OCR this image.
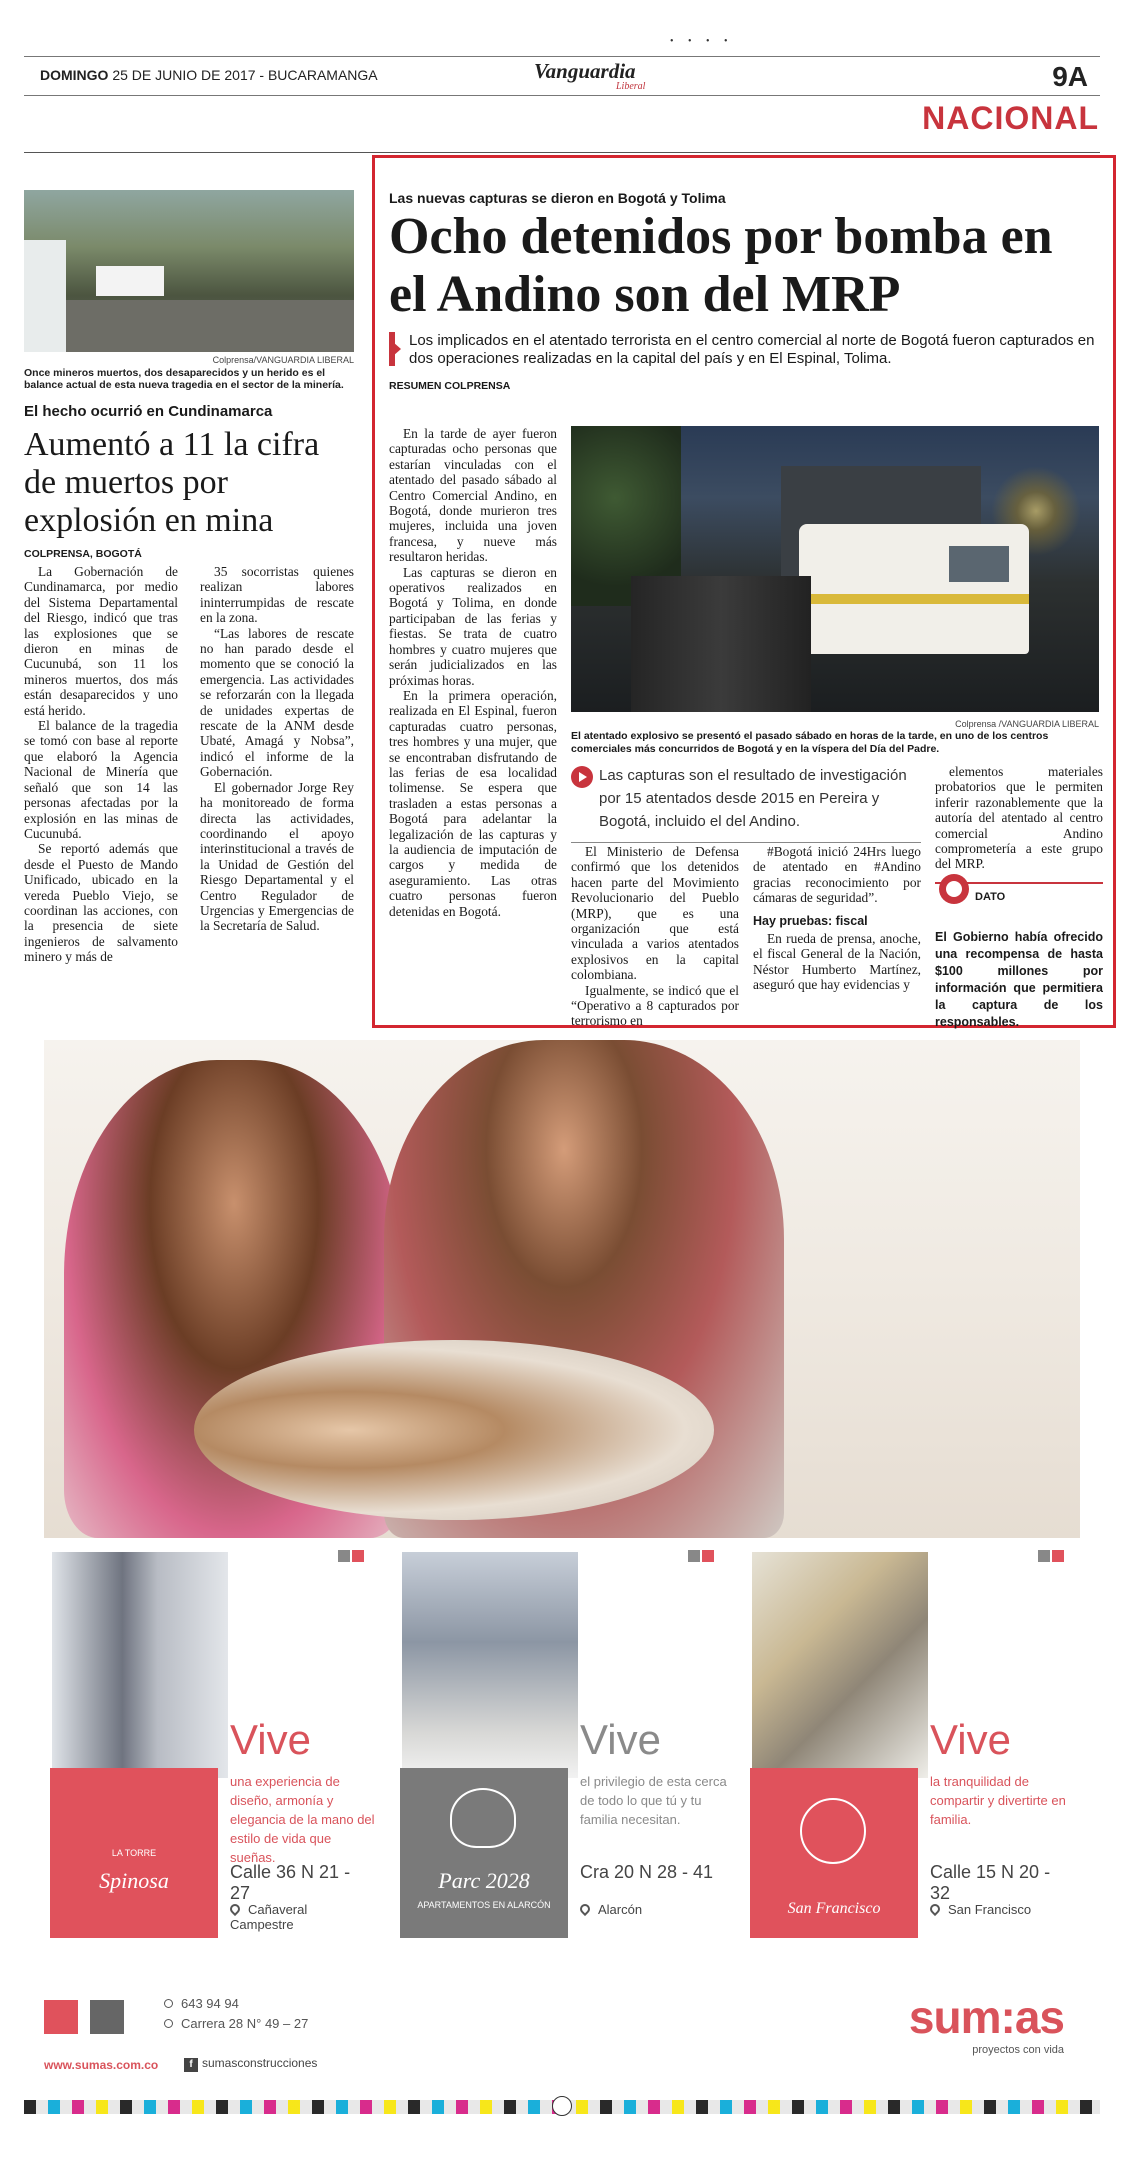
• • • •
DOMINGO 25 DE JUNIO DE 2017 - BUCARAMANGA	Vanguardia
Liberal	9A
NACIONAL
Colprensa/VANGUARDIA LIBERAL
Once mineros muertos, dos desaparecidos y un herido es el balance actual de esta nueva tragedia en el sector de la minería.
El hecho ocurrió en Cundinamarca
Aumentó a 11 la cifra de muertos por explosión en mina
COLPRENSA, BOGOTÁ

La Gobernación de Cundinamarca, por medio del Sistema Departamental del Riesgo, indicó que tras las explosiones que se dieron en minas de Cucunubá, son 11 los mineros muertos, dos más están desaparecidos y uno está herido.

El balance de la tragedia se tomó con base al reporte que elaboró la Agencia Nacional de Minería que señaló que son 14 las personas afectadas por la explosión en las minas de Cucunubá.

Se reportó además que desde el Puesto de Mando Unificado, ubicado en la vereda Pueblo Viejo, se coordinan las acciones, con la presencia de siete ingenieros de salvamento minero y más de

35 socorristas quienes realizan labores ininterrumpidas de rescate en la zona.

“Las labores de rescate no han parado desde el momento que se conoció la emergencia. Las actividades se reforzarán con la llegada de unidades expertas de rescate de la ANM desde Ubaté, Amagá y Nobsa”, indicó el informe de la Gobernación.

El gobernador Jorge Rey ha monitoreado de forma directa las actividades, coordinando el apoyo interinstitucional a través de la Unidad de Gestión del Riesgo Departamental y el Centro Regulador de Urgencias y Emergencias de la Secretaría de Salud.

Las nuevas capturas se dieron en Bogotá y Tolima
Ocho detenidos por bomba en el Andino son del MRP
Los implicados en el atentado terrorista en el centro comercial al norte de Bogotá fueron capturados en dos operaciones realizadas en la capital del país y en El Espinal, Tolima.
RESUMEN COLPRENSA

En la tarde de ayer fueron capturadas ocho personas que estarían vinculadas con el atentado del pasado sábado al Centro Comercial Andino, en Bogotá, donde murieron tres mujeres, incluida una joven francesa, y nueve más resultaron heridas.

Las capturas se dieron en operativos realizados en Bogotá y Tolima, en donde participaban de las ferias y fiestas. Se trata de cuatro hombres y cuatro mujeres que serán judicializados en las próximas horas.

En la primera operación, realizada en El Espinal, fueron capturadas cuatro personas, tres hombres y una mujer, que se encontraban disfrutando de las ferias de esa localidad tolimense. Se espera que trasladen a estas personas a Bogotá para adelantar la legalización de las capturas y la audiencia de imputación de cargos y medida de aseguramiento. Las otras cuatro personas fueron detenidas en Bogotá.

Colprensa /VANGUARDIA LIBERAL
El atentado explosivo se presentó el pasado sábado en horas de la tarde, en uno de los centros comerciales más concurridos de Bogotá y en la víspera del Día del Padre.
Las capturas son el resultado de investigación por 15 atentados desde 2015 en Pereira y Bogotá, incluido el del Andino.

El Ministerio de Defensa confirmó que los detenidos hacen parte del Movimiento Revolucionario del Pueblo (MRP), que es una organización que está vinculada a varios atentados explosivos en la capital colombiana.

Igualmente, se indicó que el “Operativo a 8 capturados por terrorismo en

#Bogotá inició 24Hrs luego de atentado en #Andino gracias reconocimiento por cámaras de seguridad”.

Hay pruebas: fiscal

En rueda de prensa, anoche, el fiscal General de la Nación, Néstor Humberto Martínez, aseguró que hay evidencias y

elementos materiales probatorios que le permiten inferir razonablemente que la autoría del atentado al centro comercial Andino comprometería a este grupo del MRP.

DATO
El Gobierno había ofrecido una recompensa de hasta $100 millones por información que permitiera la captura de los responsables.
LA TORRE
Spinosa
Vive
una experiencia de diseño, armonía y elegancia de la mano del estilo de vida que sueñas.
Calle 36 N 21 - 27
Cañaveral Campestre
Parc 2028
APARTAMENTOS EN ALARCÓN
Vive
el privilegio de esta cerca de todo lo que tú y tu familia necesitan.
Cra 20 N 28 - 41
Alarcón	San Francisco
Vive
la tranquilidad de compartir y divertirte en familia.
Calle 15 N 20 - 32
San Francisco
643 94 94
Carrera 28 N° 49 – 27
www.sumas.com.co	f sumasconstrucciones
sum:as
proyectos con vida
